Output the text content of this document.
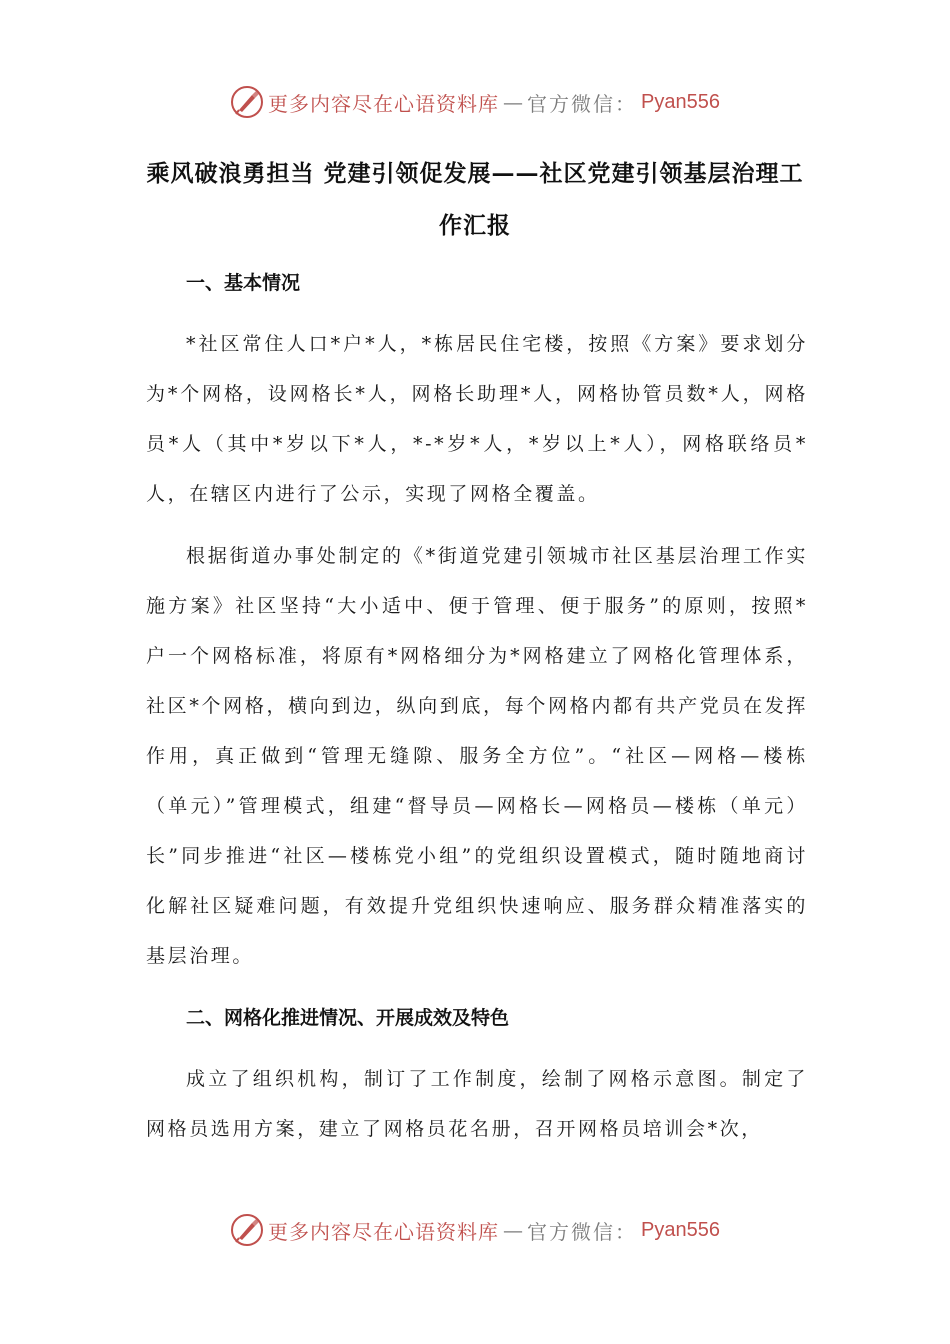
更多内容尽在心语资料库 — 官方微信： Pyan556
乘风破浪勇担当 党建引领促发展——社区党建引领基层治理工作汇报
一、基本情况

*社区常住人口*户*人，*栋居民住宅楼，按照《方案》要求划分为*个网格，设网格长*人，网格长助理*人，网格协管员数*人，网格员*人（其中*岁以下*人，*-*岁*人，*岁以上*人），网格联络员*人，在辖区内进行了公示，实现了网格全覆盖。

根据街道办事处制定的《*街道党建引领城市社区基层治理工作实施方案》社区坚持“大小适中、便于管理、便于服务”的原则，按照*户一个网格标准，将原有*网格细分为*网格建立了网格化管理体系，社区*个网格，横向到边，纵向到底，每个网格内都有共产党员在发挥作用，真正做到“管理无缝隙、服务全方位”。“社区—网格—楼栋（单元）”管理模式，组建“督导员—网格长—网格员—楼栋（单元）长”同步推进“社区—楼栋党小组”的党组织设置模式，随时随地商讨化解社区疑难问题，有效提升党组织快速响应、服务群众精准落实的基层治理。

二、网格化推进情况、开展成效及特色

成立了组织机构，制订了工作制度，绘制了网格示意图。制定了网格员选用方案，建立了网格员花名册，召开网格员培训会*次，

更多内容尽在心语资料库 — 官方微信： Pyan556
